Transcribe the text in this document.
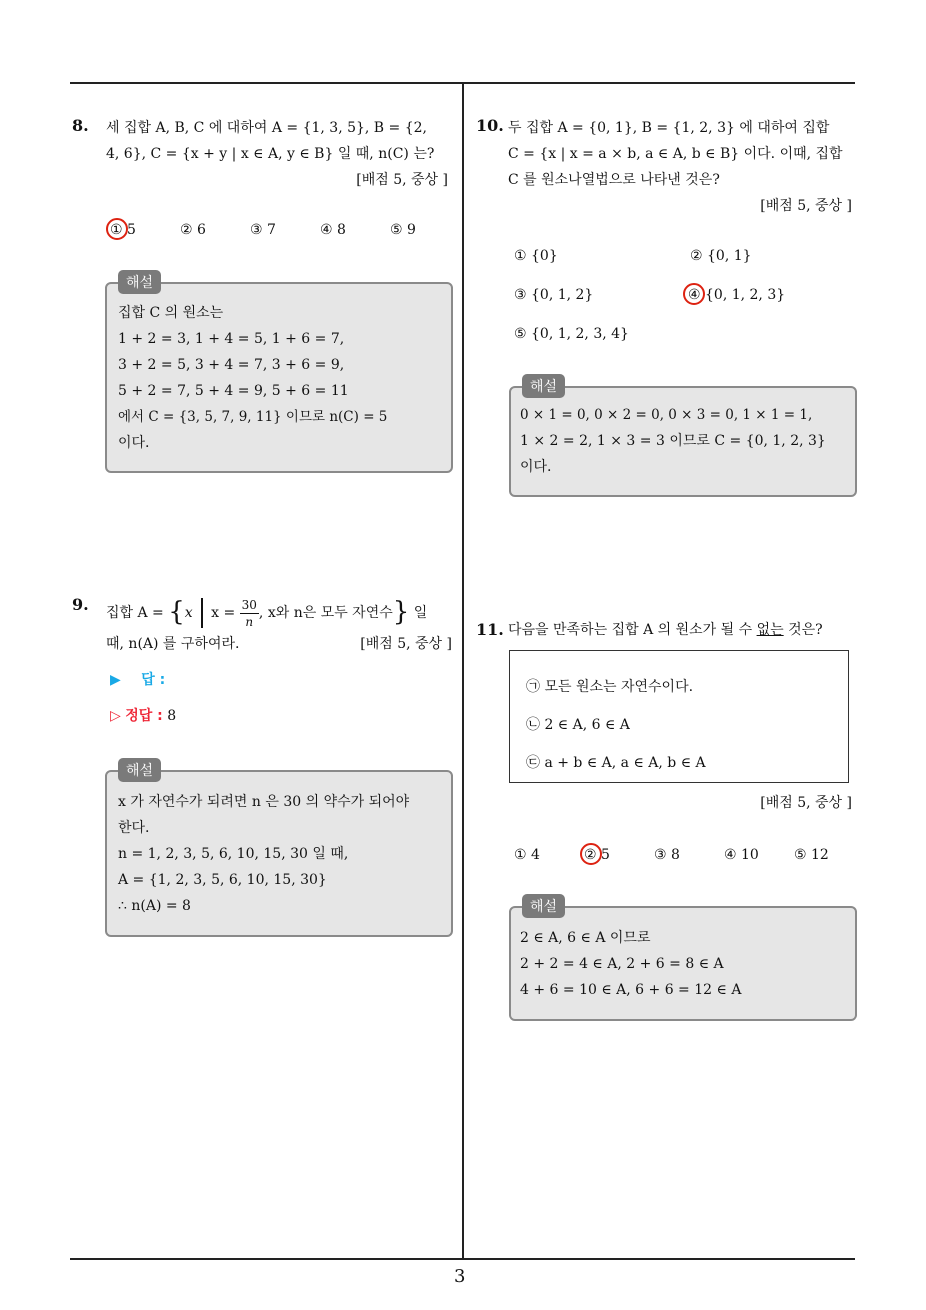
3
8. 세 집합 A, B, C 에 대하여 A = {1, 3, 5}, B = {2,
4, 6}, C = {x + y | x ∈ A, y ∈ B} 일 때, n(C) 는?
[배점 5, 중상 ]
① 5	② 6	③ 7	④ 8	⑤ 9
해설
집합 C 의 원소는
1 + 2 = 3, 1 + 4 = 5, 1 + 6 = 7,
3 + 2 = 5, 3 + 4 = 7, 3 + 6 = 9,
5 + 2 = 7, 5 + 4 = 9, 5 + 6 = 11
에서 C = {3, 5, 7, 9, 11} 이므로 n(C) = 5
이다.
9. 집합 A = {x $x = \frac{30}{n}$ , x와 n은 모두 자연수} 일
때, n(A) 를 구하여라.	[배점 5, 중상 ]
▶ 답 :
▷ 정답 : 8
해설
x 가 자연수가 되려면 n 은 30 의 약수가 되어야
한다.
n = 1, 2, 3, 5, 6, 10, 15, 30 일 때,
A = {1, 2, 3, 5, 6, 10, 15, 30}
∴ n(A) = 8
10. 두 집합 A = {0, 1}, B = {1, 2, 3} 에 대하여 집합
C = {x | x = a × b, a ∈ A, b ∈ B} 이다. 이때, 집합
C 를 원소나열법으로 나타낸 것은?
[배점 5, 중상 ]
① {0}	② {0, 1}
③ {0, 1, 2}	④ {0, 1, 2, 3}
⑤ {0, 1, 2, 3, 4}
해설
0 × 1 = 0, 0 × 2 = 0, 0 × 3 = 0, 1 × 1 = 1,
1 × 2 = 2, 1 × 3 = 3 이므로 C = {0, 1, 2, 3}
이다.
11. 다음을 만족하는 집합 A 의 원소가 될 수 없는 것은?
㉠ 모든 원소는 자연수이다.
㉡ 2 ∈ A, 6 ∈ A
㉢ a + b ∈ A, a ∈ A, b ∈ A
[배점 5, 중상 ]
① 4	② 5	③ 8	④ 10	⑤ 12
해설
2 ∈ A, 6 ∈ A 이므로
2 + 2 = 4 ∈ A, 2 + 6 = 8 ∈ A
4 + 6 = 10 ∈ A, 6 + 6 = 12 ∈ A
